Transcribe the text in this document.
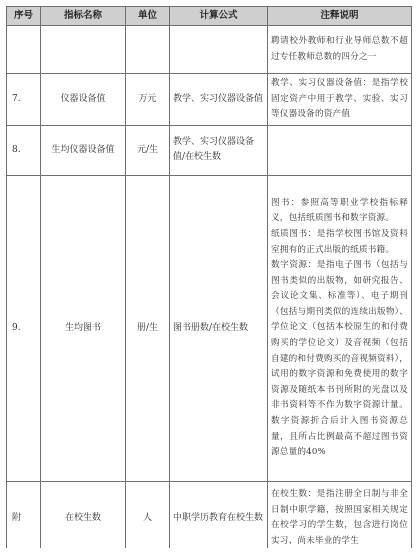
序号	指标名称	单位	计算公式	注释说明

				聘请校外教师和行业导师总数不超过专任教师总数的四分之一

7.	仪器设备值	万元	教学、实习仪器设备值	教学、实习仪器设备值：是指学校固定资产中用于教学、实验、实习等仪器设备的资产值

8.	生均仪器设备值	元/生	教学、实习仪器设备值/在校生数	

9.	生均图书	册/生	图书册数/在校生数	图书：参照高等职业学校指标释义，包括纸质图书和数字资源。

纸质图书：是指学校图书馆及资料室拥有的正式出版的纸质书籍。

数字资源：是指电子图书（包括与图书类似的出版物，如研究报告、会议论文集、标准等）、电子期刊（包括与期刊类似的连续出版物）、学位论文（包括本校原生的和付费购买的学位论文）及音视频（包括自建的和付费购买的音视频资料），试用的数字资源和免费使用的数字资源及随纸本书刊所附的光盘以及非书资料等不作为数字资源计量。数字资源折合后计入图书资源总量，且所占比例最高不超过图书资源总量的40%

附	在校生数	人	中职学历教育在校生数	在校生数：是指注册全日制与非全日制中职学籍，按照国家相关规定在校学习的学生数，包含进行岗位实习、尚未毕业的学生
